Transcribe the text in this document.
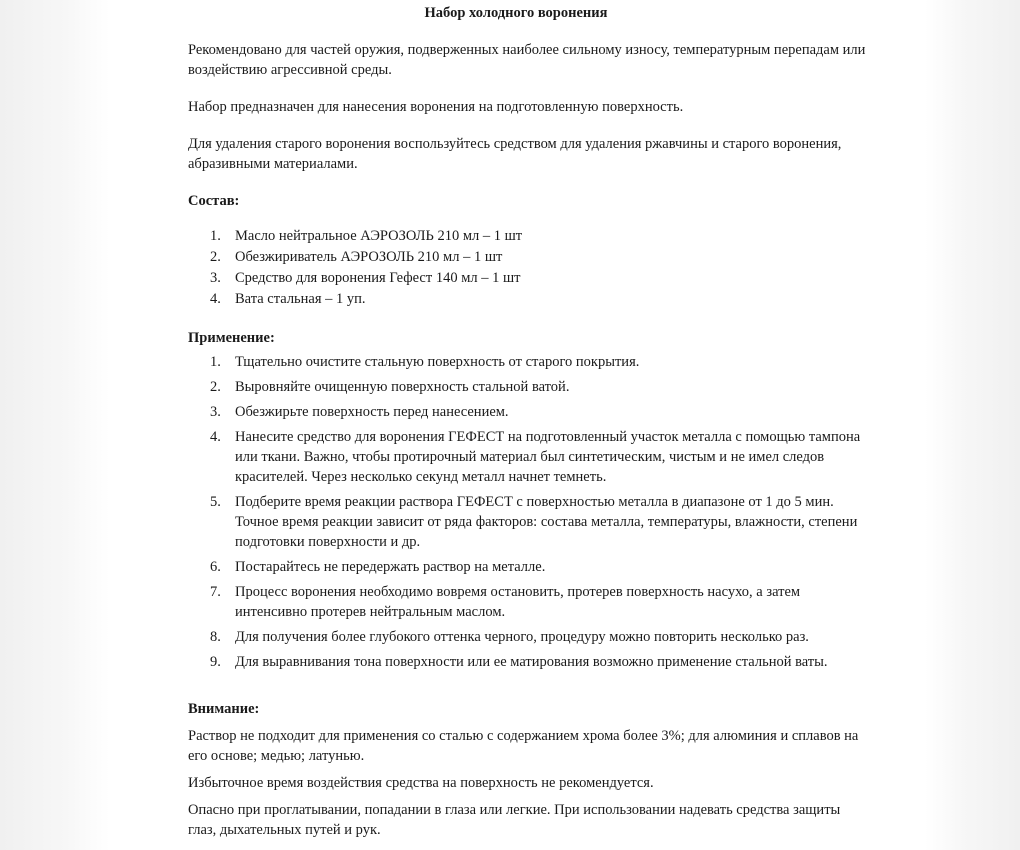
Набор холодного воронения

Рекомендовано для частей оружия, подверженных наиболее сильному износу, температурным перепадам или воздействию агрессивной среды.

Набор предназначен для нанесения воронения на подготовленную поверхность.

Для удаления старого воронения воспользуйтесь средством для удаления ржавчины и старого воронения, абразивными материалами.

Состав:
1. Масло нейтральное АЭРОЗОЛЬ 210 мл – 1 шт
2. Обезжириватель АЭРОЗОЛЬ 210 мл – 1 шт
3. Средство для воронения Гефест 140 мл – 1 шт
4. Вата стальная – 1 уп.
Применение:
1. Тщательно очистите стальную поверхность от старого покрытия.
2. Выровняйте очищенную поверхность стальной ватой.
3. Обезжирьте поверхность перед нанесением.
4. Нанесите средство для воронения ГЕФЕСТ на подготовленный участок металла с помощью тампона или ткани. Важно, чтобы протирочный материал был синтетическим, чистым и не имел следов красителей. Через несколько секунд металл начнет темнеть.
5. Подберите время реакции раствора ГЕФЕСТ с поверхностью металла в диапазоне от 1 до 5 мин. Точное время реакции зависит от ряда факторов: состава металла, температуры, влажности, степени подготовки поверхности и др.
6. Постарайтесь не передержать раствор на металле.
7. Процесс воронения необходимо вовремя остановить, протерев поверхность насухо, а затем интенсивно протерев нейтральным маслом.
8. Для получения более глубокого оттенка черного, процедуру можно повторить несколько раз.
9. Для выравнивания тона поверхности или ее матирования возможно применение стальной ваты.
Внимание:

Раствор не подходит для применения со сталью с содержанием хрома более 3%; для алюминия и сплавов на его основе; медью; латунью.

Избыточное время воздействия средства на поверхность не рекомендуется.

Опасно при проглатывании, попадании в глаза или легкие. При использовании надевать средства защиты глаз, дыхательных путей и рук.
